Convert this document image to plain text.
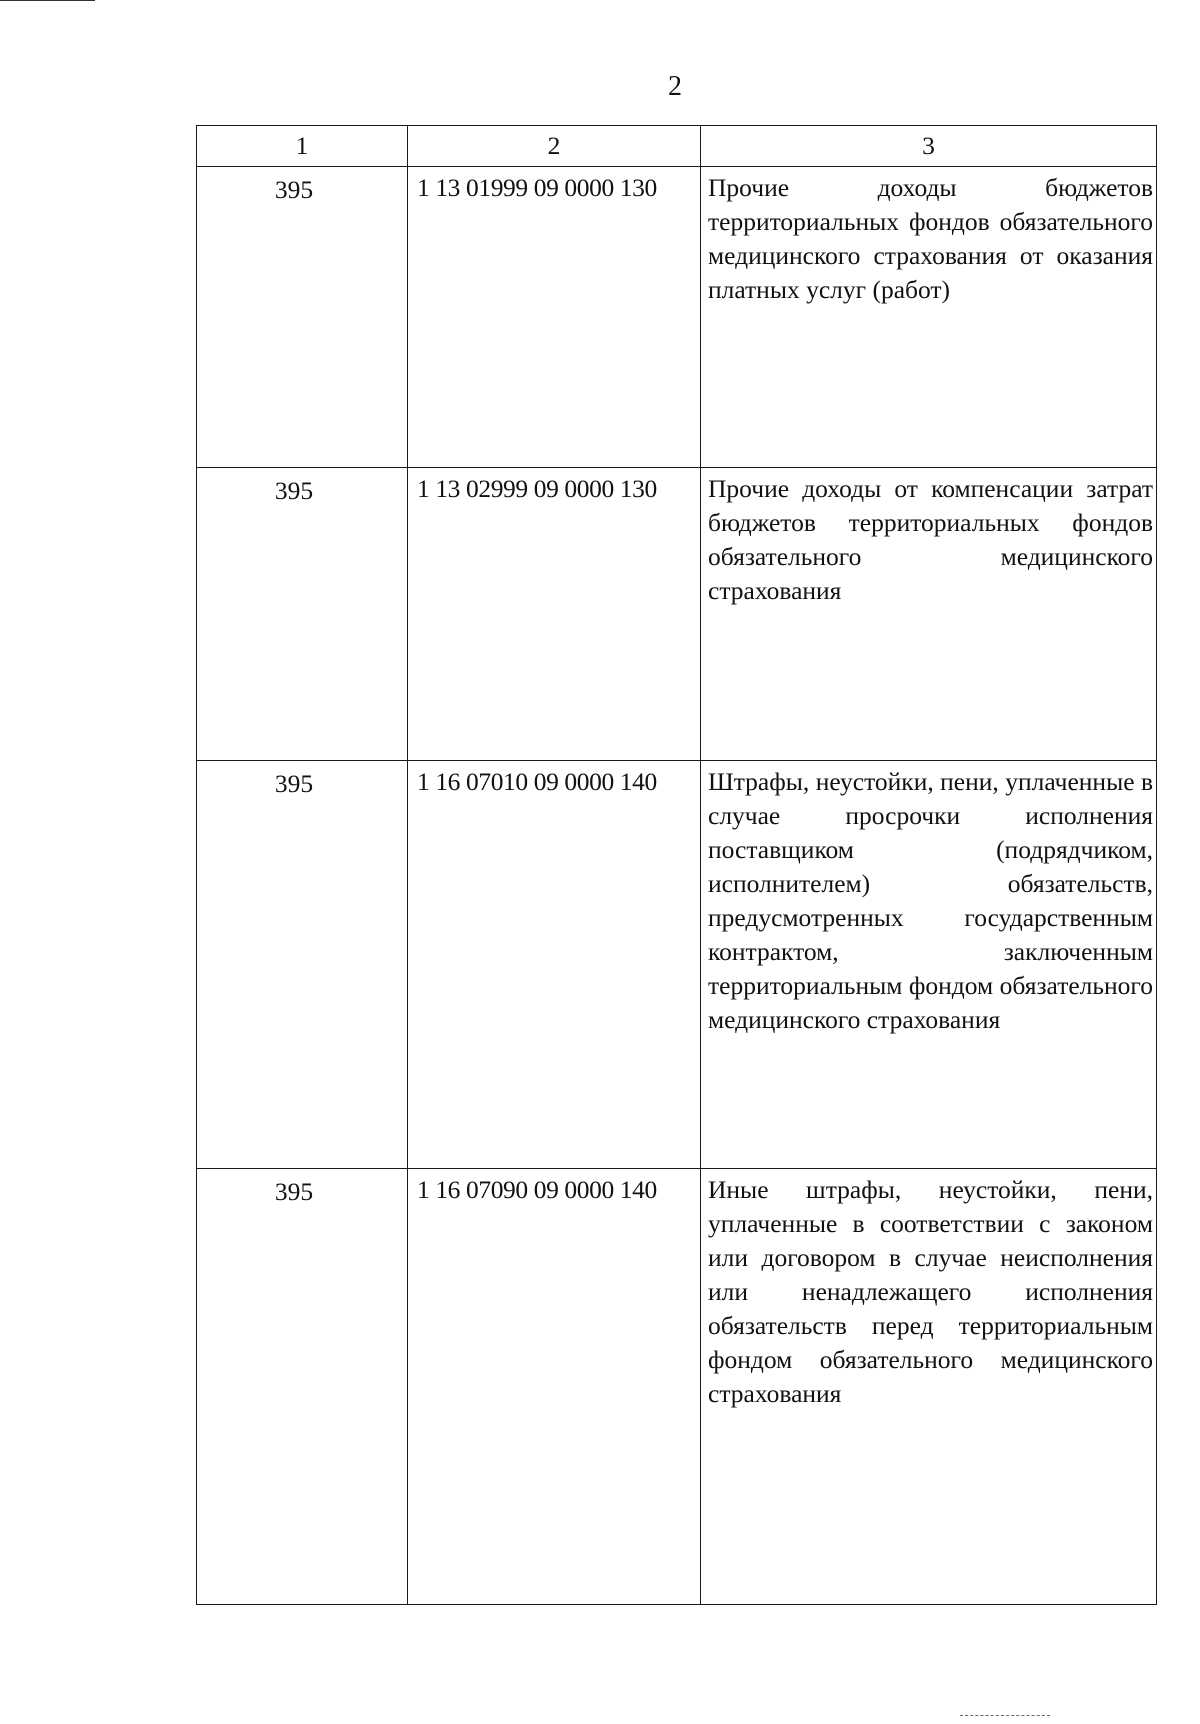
2
1	2	3
395	1 13 01999 09 0000 130	Прочие доходы бюджетов территориальных фондов обязательного медицинского страхования от оказания платных услуг (работ)
395	1 13 02999 09 0000 130	Прочие доходы от компенсации затрат бюджетов территориальных фондов обязательного медицинского страхования
395	1 16 07010 09 0000 140	Штрафы, неустойки, пени, уплаченные в случае просрочки исполнения поставщиком (подрядчиком, исполнителем) обязательств, предусмотренных государственным контрактом, заключенным территориальным фондом обязательного медицинского страхования
395	1 16 07090 09 0000 140	Иные штрафы, неустойки, пени, уплаченные в соответствии с законом или договором в случае неисполнения или ненадлежащего исполнения обязательств перед территориальным фондом обязательного медицинского страхования
